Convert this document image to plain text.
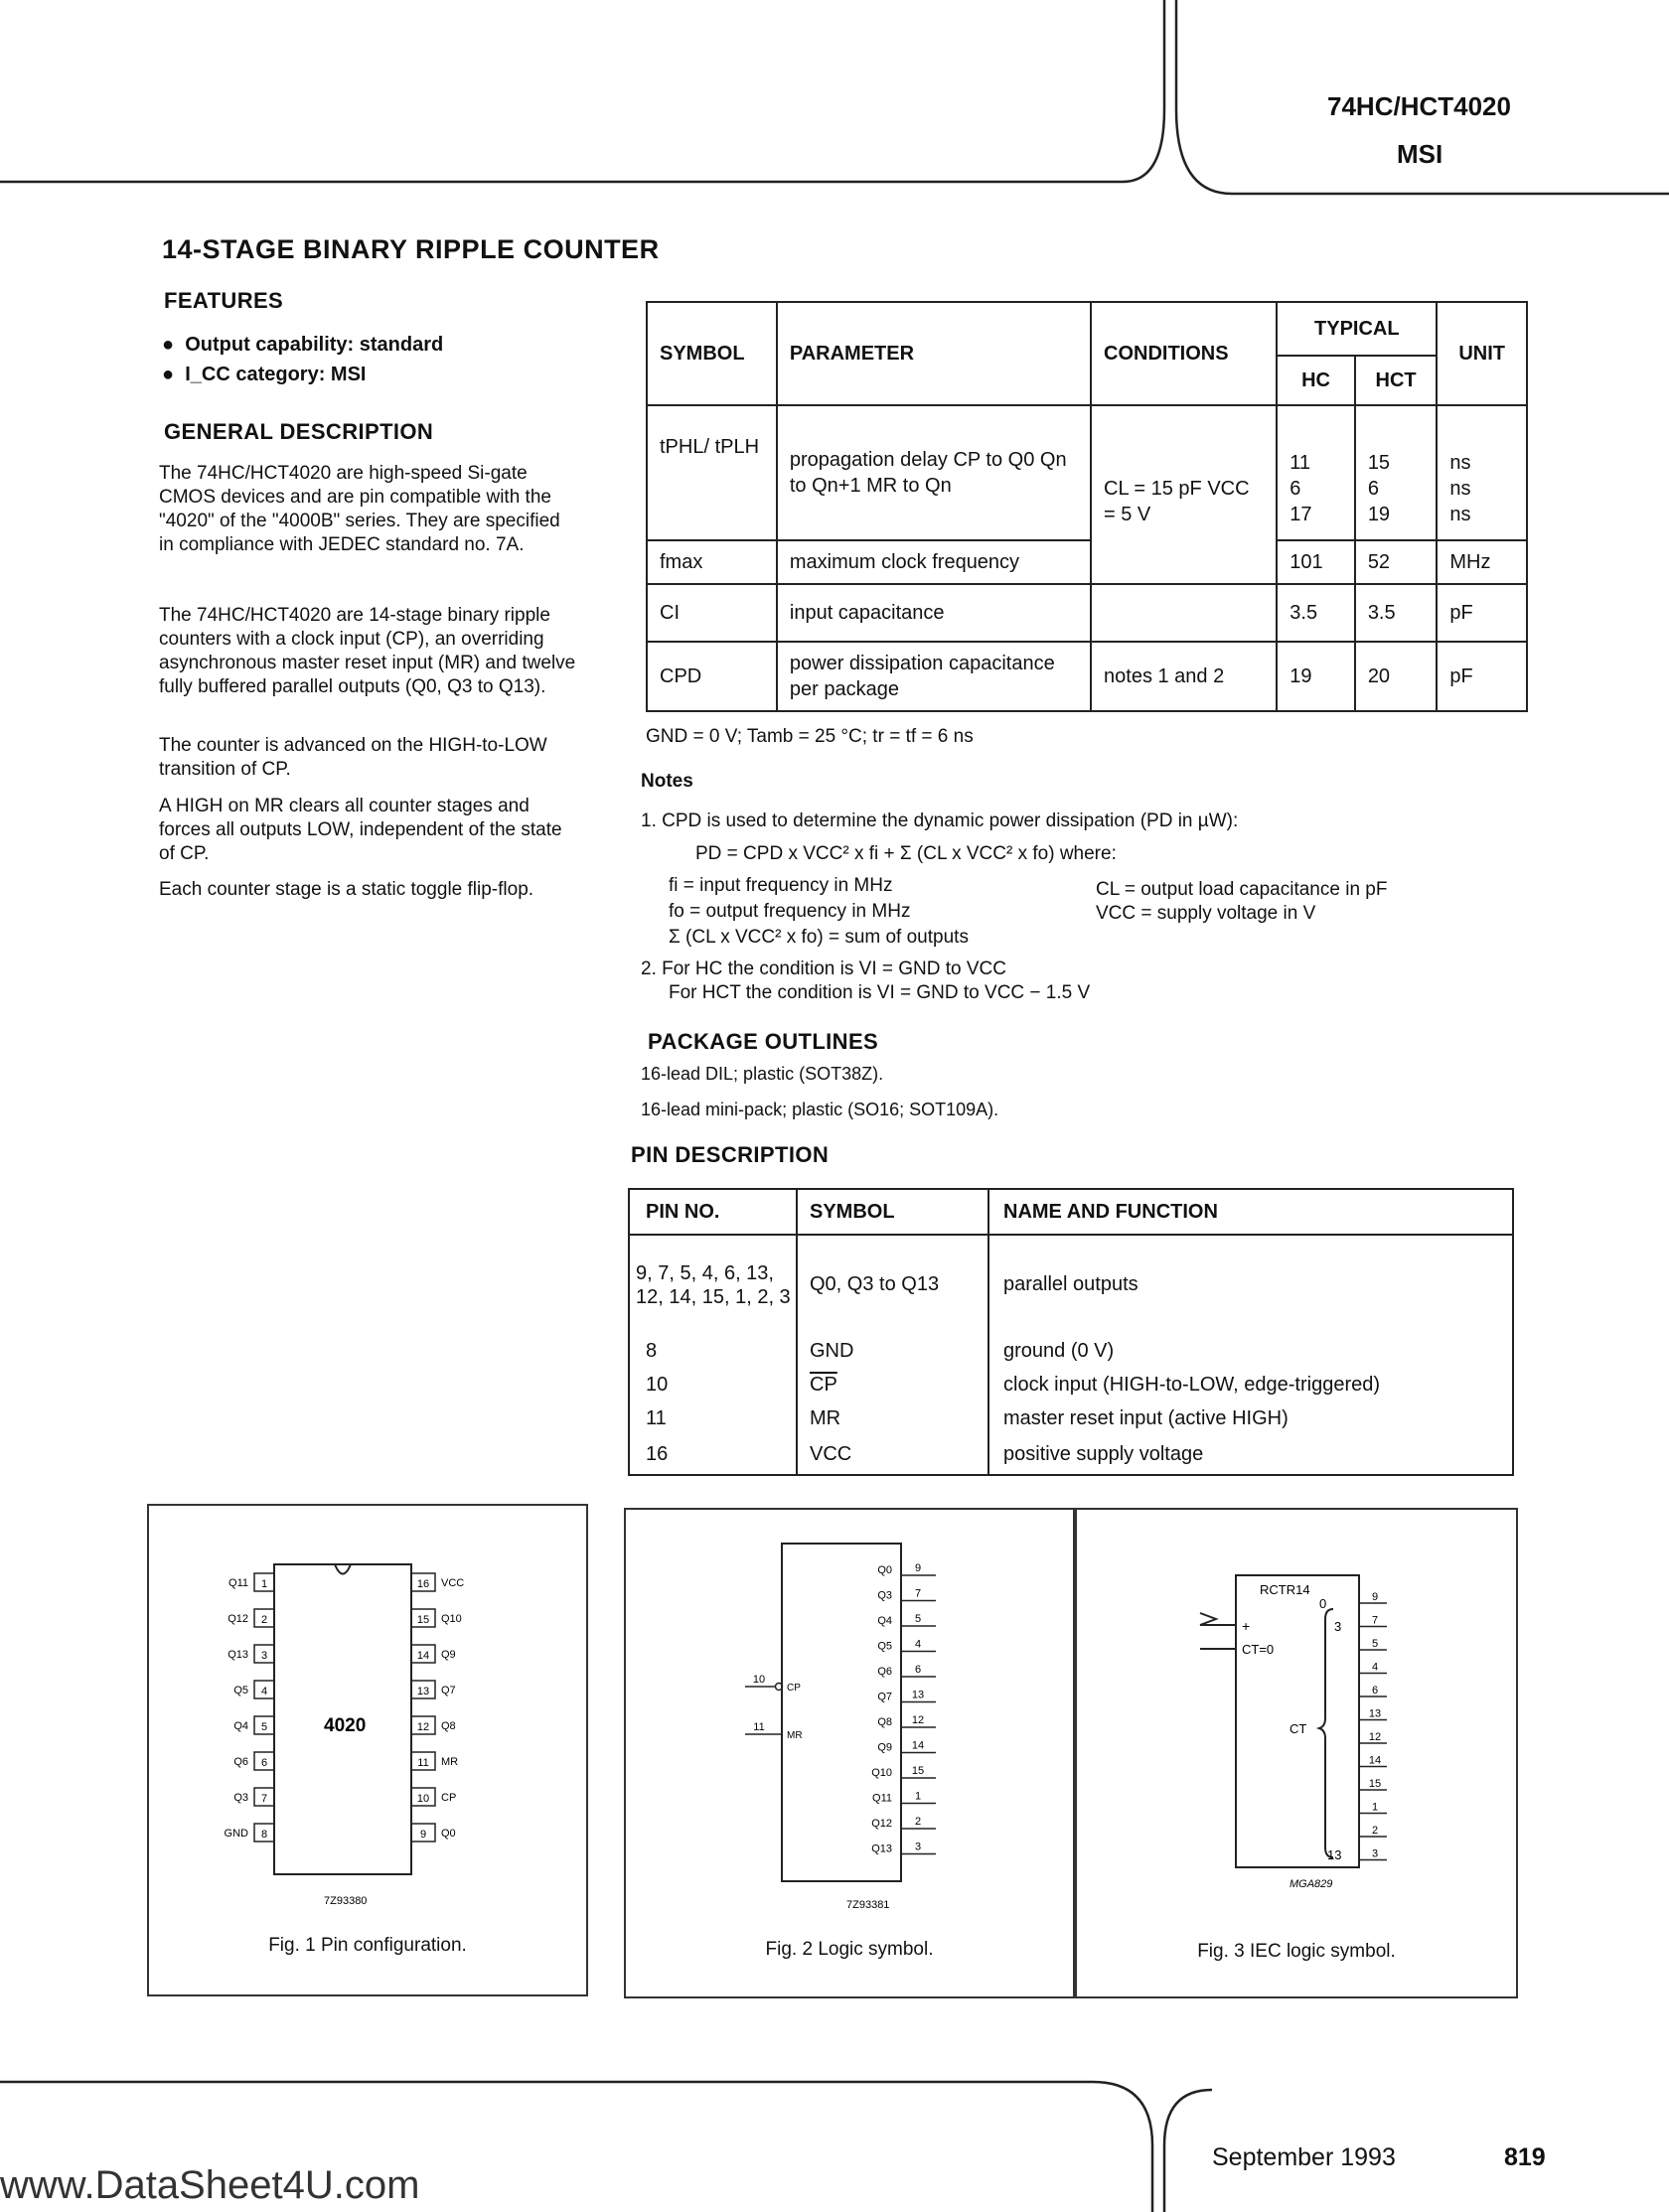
74HC/HCT4020
MSI
14-STAGE BINARY RIPPLE COUNTER
FEATURES
●  Output capability: standard
●  I_CC category: MSI
GENERAL DESCRIPTION
The 74HC/HCT4020 are high-speed Si-gate CMOS devices and are pin compatible with the "4020" of the "4000B" series. They are specified in compliance with JEDEC standard no. 7A.
The 74HC/HCT4020 are 14-stage binary ripple counters with a clock input (CP), an overriding asynchronous master reset input (MR) and twelve fully buffered parallel outputs (Q0, Q3 to Q13).
The counter is advanced on the HIGH-to-LOW transition of CP.
A HIGH on MR clears all counter stages and forces all outputs LOW, independent of the state of CP.
Each counter stage is a static toggle flip-flop.
SYMBOL	PARAMETER	CONDITIONS	TYPICAL		UNIT
			HC	HCT	
tPHL/ tPLH	propagation delay CP to Q0 Qn to Qn+1 MR to Qn	CL = 15 pF VCC = 5 V	11 6 17	15 6 19	ns ns ns
fmax	maximum clock frequency		101	52	MHz
CI	input capacitance		3.5	3.5	pF
CPD	power dissipation capacitance per package	notes 1 and 2	19	20	pF
GND = 0 V; Tamb = 25 °C; tr = tf = 6 ns
Notes
1. CPD is used to determine the dynamic power dissipation (PD in µW):
PD = CPD x VCC² x fi + Σ (CL x VCC² x fo) where:
fi = input frequency in MHz
fo = output frequency in MHz
Σ (CL x VCC² x fo) = sum of outputs
CL = output load capacitance in pF
VCC = supply voltage in V
2. For HC the condition is VI = GND to VCC
For HCT the condition is VI = GND to VCC − 1.5 V
PACKAGE OUTLINES
16-lead DIL; plastic (SOT38Z).
16-lead mini-pack; plastic (SO16; SOT109A).
PIN DESCRIPTION
PIN NO.	SYMBOL	NAME AND FUNCTION
9, 7, 5, 4, 6, 13, 12, 14, 15, 1, 2, 3	Q0, Q3 to Q13	parallel outputs
8	GND	ground (0 V)
10	$\overline{CP}$	clock input (HIGH-to-LOW, edge-triggered)
11	MR	master reset input (active HIGH)
16	VCC	positive supply voltage
4020
7Z93380
1
Q11
2
Q12
3
Q13
4
Q5
5
Q4
6
Q6
7
Q3
8
GND
16 VCC
15 Q10
14 Q9
13 Q7
12 Q8
11 MR
10 CP
9 Q0
Fig. 1 Pin configuration.
7Z93381
10
CP
11
MR
9
Q0
7
Q3
5
Q4
4
Q5
6
Q6
13
Q7
12
Q8
14
Q9
15
Q10
1
Q11
2
Q12
3
Q13
Fig. 2 Logic symbol.
RCTR14
+
CT=0
CT
0
3
13
MGA829
9
7
5
4
6
13
12
14
15
1
2
3
Fig. 3 IEC logic symbol.
September 1993	819
www.DataSheet4U.com
